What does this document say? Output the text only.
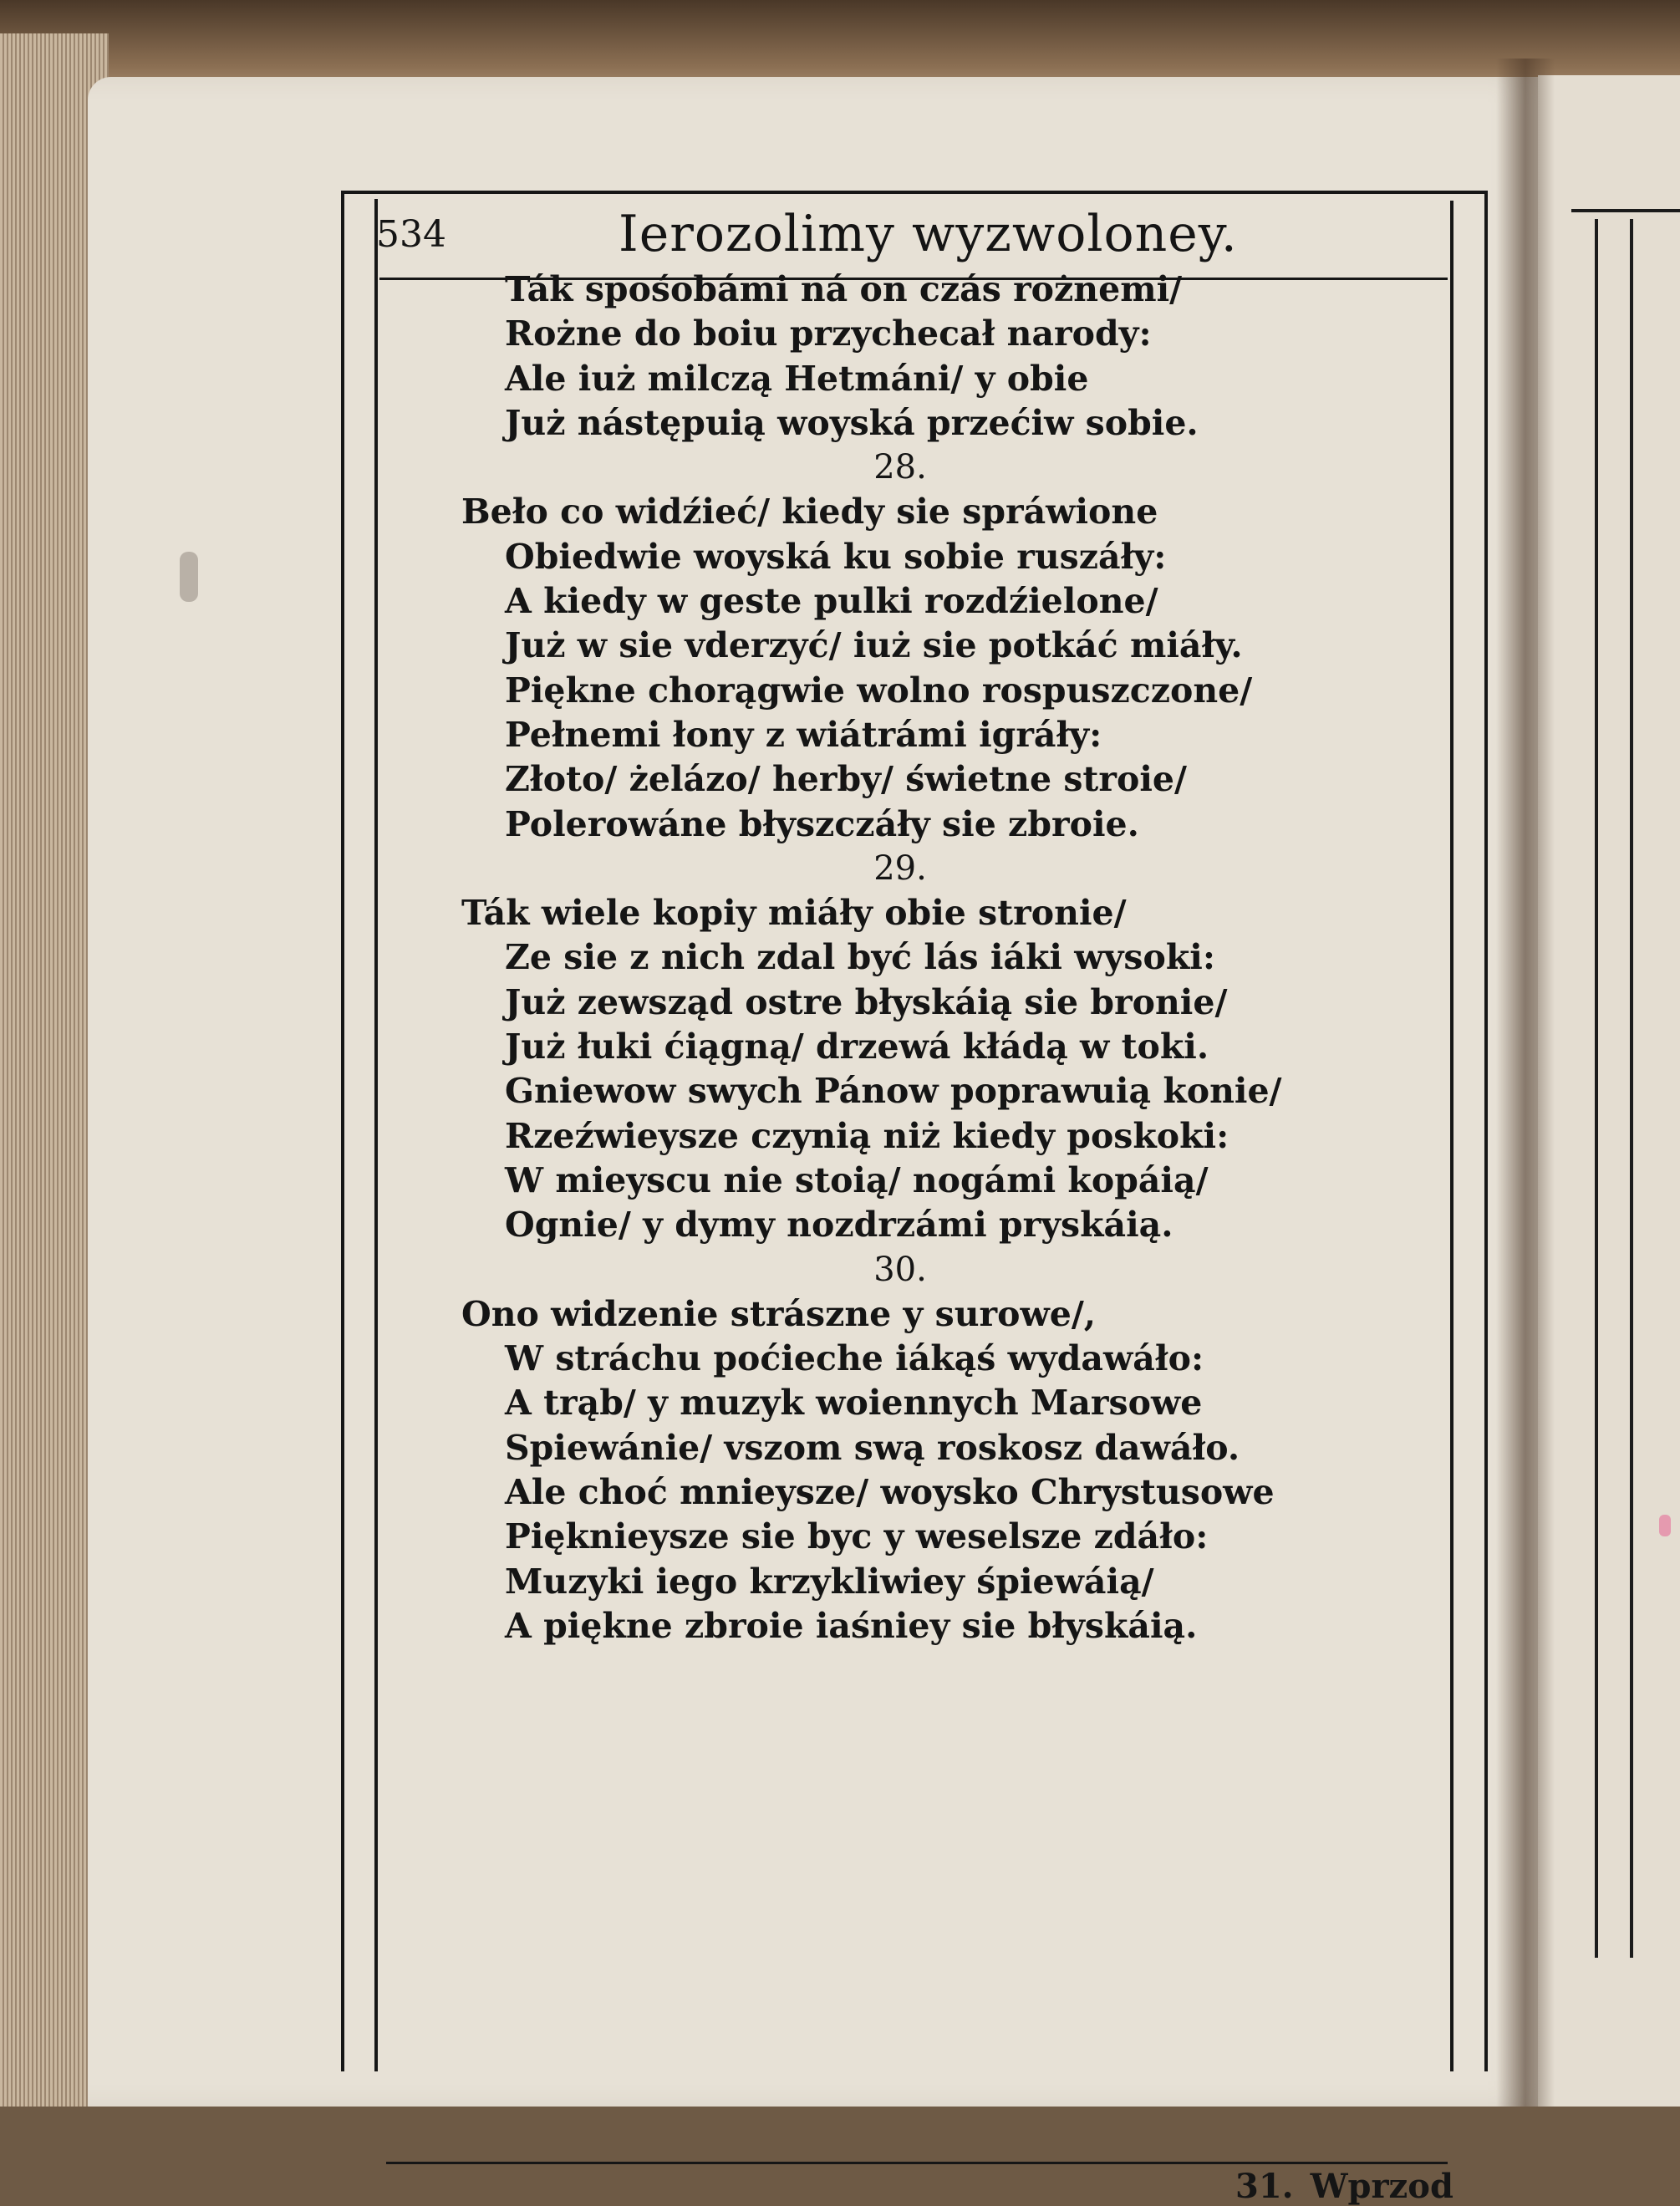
534	Ierozolimy wyzwoloney.
Ták spośobámi ná on czás rożnemi/
Rożne do boiu przychecał narody:
Ale iuż milczą Hetmáni/ y obie
Już nástępuią woyská przećiw sobie.
28.
Beło co widźieć/ kiedy sie spráwione
Obiedwie woyská ku sobie ruszáły:
A kiedy w geste pulki rozdźielone/
Już w sie vderzyć/ iuż sie potkáć miáły.
Piękne chorągwie wolno rospuszczone/
Pełnemi łony z wiátrámi igráły:
Złoto/ żelázo/ herby/ świetne stroie/
Polerowáne błyszczáły sie zbroie.
29.
Ták wiele kopiy miáły obie stronie/
Ze sie z nich zdal być lás iáki wysoki:
Już zewsząd ostre błyskáią sie bronie/
Już łuki ćiągną/ drzewá kłádą w toki.
Gniewow swych Pánow poprawuią konie/
Rzeźwieysze czynią niż kiedy poskoki:
W mieyscu nie stoią/ nogámi kopáią/
Ognie/ y dymy nozdrzámi pryskáią.
30.
Ono widzenie strászne y surowe/,
W stráchu poćieche iákąś wydawáło:
A trąb/ y muzyk woiennych Marsowe
Spiewánie/ vszom swą roskosz dawáło.
Ale choć mnieysze/ woysko Chrystusowe
Pięknieysze sie byc y weselsze zdáło:
Muzyki iego krzykliwiey śpiewáią/
A piękne zbroie iaśniey sie błyskáią.
31. Wprzod
